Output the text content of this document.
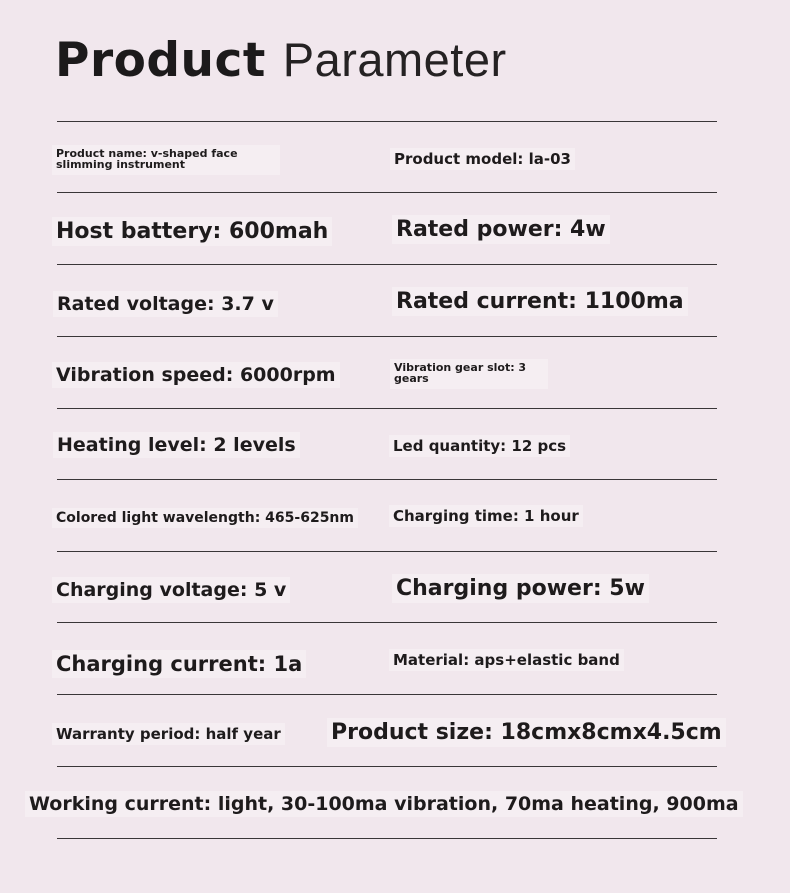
Product Parameter
Product name: v-shaped face slimming instrument	Product model: la-03
Host battery: 600mah	Rated power: 4w
Rated voltage: 3.7 v	Rated current: 1100ma
Vibration speed: 6000rpm	Vibration gear slot: 3 gears
Heating level: 2 levels	Led quantity: 12 pcs
Colored light wavelength: 465-625nm	Charging time: 1 hour
Charging voltage: 5 v	Charging power: 5w
Charging current: 1a	Material: aps+elastic band
Warranty period: half year Product size: 18cmx8cmx4.5cm
Working current: light, 30-100ma vibration, 70ma heating, 900ma
